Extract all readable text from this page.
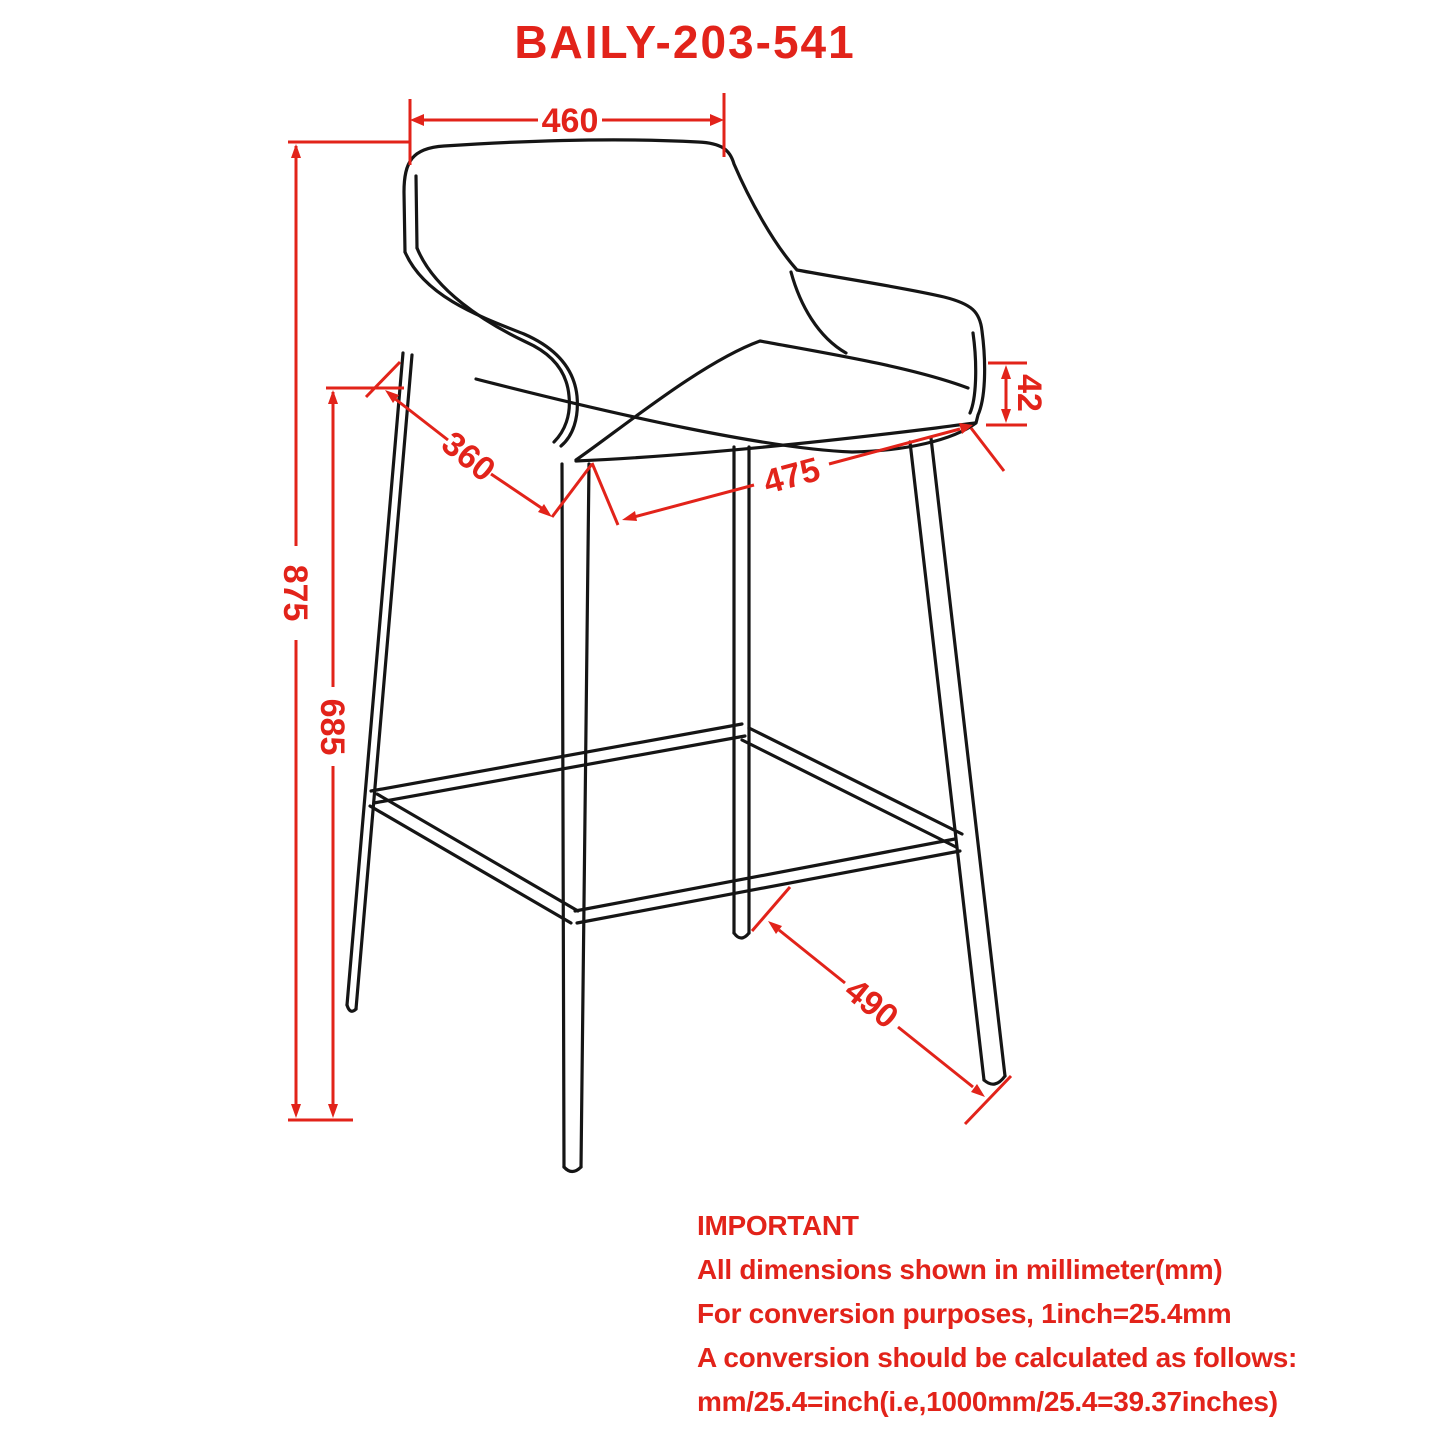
BAILY-203-541
460
875
685
360	475
42
490
IMPORTANT
All dimensions shown in millimeter(mm)
For conversion purposes, 1inch=25.4mm
A conversion should be calculated as follows:
mm/25.4=inch(i.e,1000mm/25.4=39.37inches)
